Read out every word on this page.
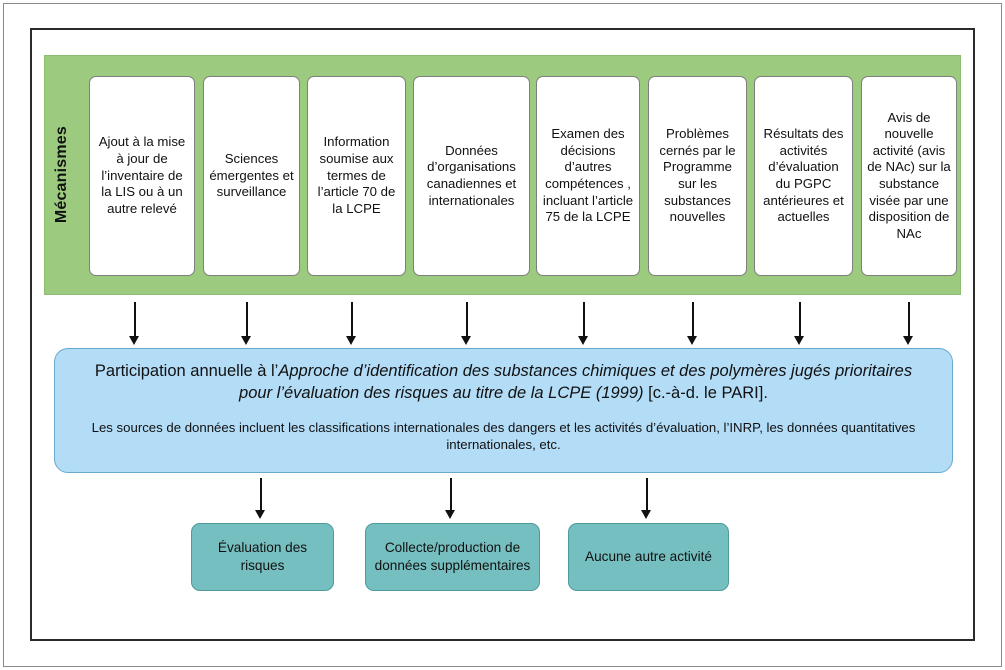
Mécanismes Ajout à la mise à jour de l’inventaire de la LIS ou à un autre relevé
Sciences émergentes et surveillance
Information soumise aux termes de l’article 70 de la LCPE
Données d’organisations canadiennes et internationales
Examen des décisions d’autres compétences , incluant l’article 75 de la LCPE
Problèmes cernés par le Programme sur les substances nouvelles
Résultats des activités d’évaluation du PGPC antérieures et actuelles
Avis de nouvelle activité (avis de NAc) sur la substance visée par une disposition de NAc
Participation annuelle à l’Approche d’identification des substances chimiques et des polymères jugés prioritaires pour l’évaluation des risques au titre de la LCPE (1999) [c.-à-d. le PARI].
Les sources de données incluent les classifications internationales des dangers et les activités d’évaluation, l’INRP, les données quantitatives internationales, etc.
Évaluation des risques
Collecte/production de données supplémentaires
Aucune autre activité
